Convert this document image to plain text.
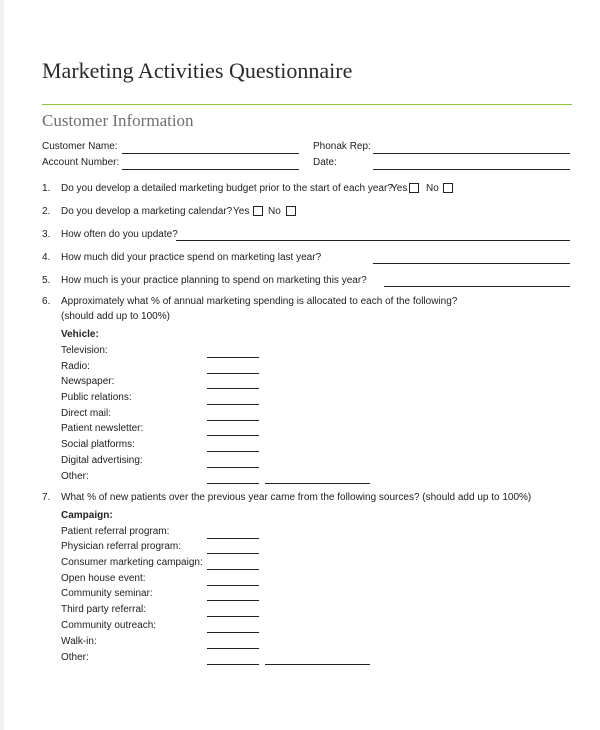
Marketing Activities Questionnaire
Customer Information
Customer Name:	Phonak Rep:
Account Number:	Date:
1. Do you develop a detailed marketing budget prior to the start of each year?
Yes No
2. Do you develop a marketing calendar? Yes No
3. How often do you update?
4. How much did your practice spend on marketing last year?
5. How much is your practice planning to spend on marketing this year?
6. Approximately what % of annual marketing spending is allocated to each of the following?
(should add up to 100%)
Vehicle:
Television:
Radio:
Newspaper:
Public relations:
Direct mail:
Patient newsletter:
Social platforms:
Digital advertising:
Other:
7. What % of new patients over the previous year came from the following sources? (should add up to 100%)
Campaign:
Patient referral program:
Physician referral program:
Consumer marketing campaign:
Open house event:
Community seminar:
Third party referral:
Community outreach:
Walk-in:
Other:
